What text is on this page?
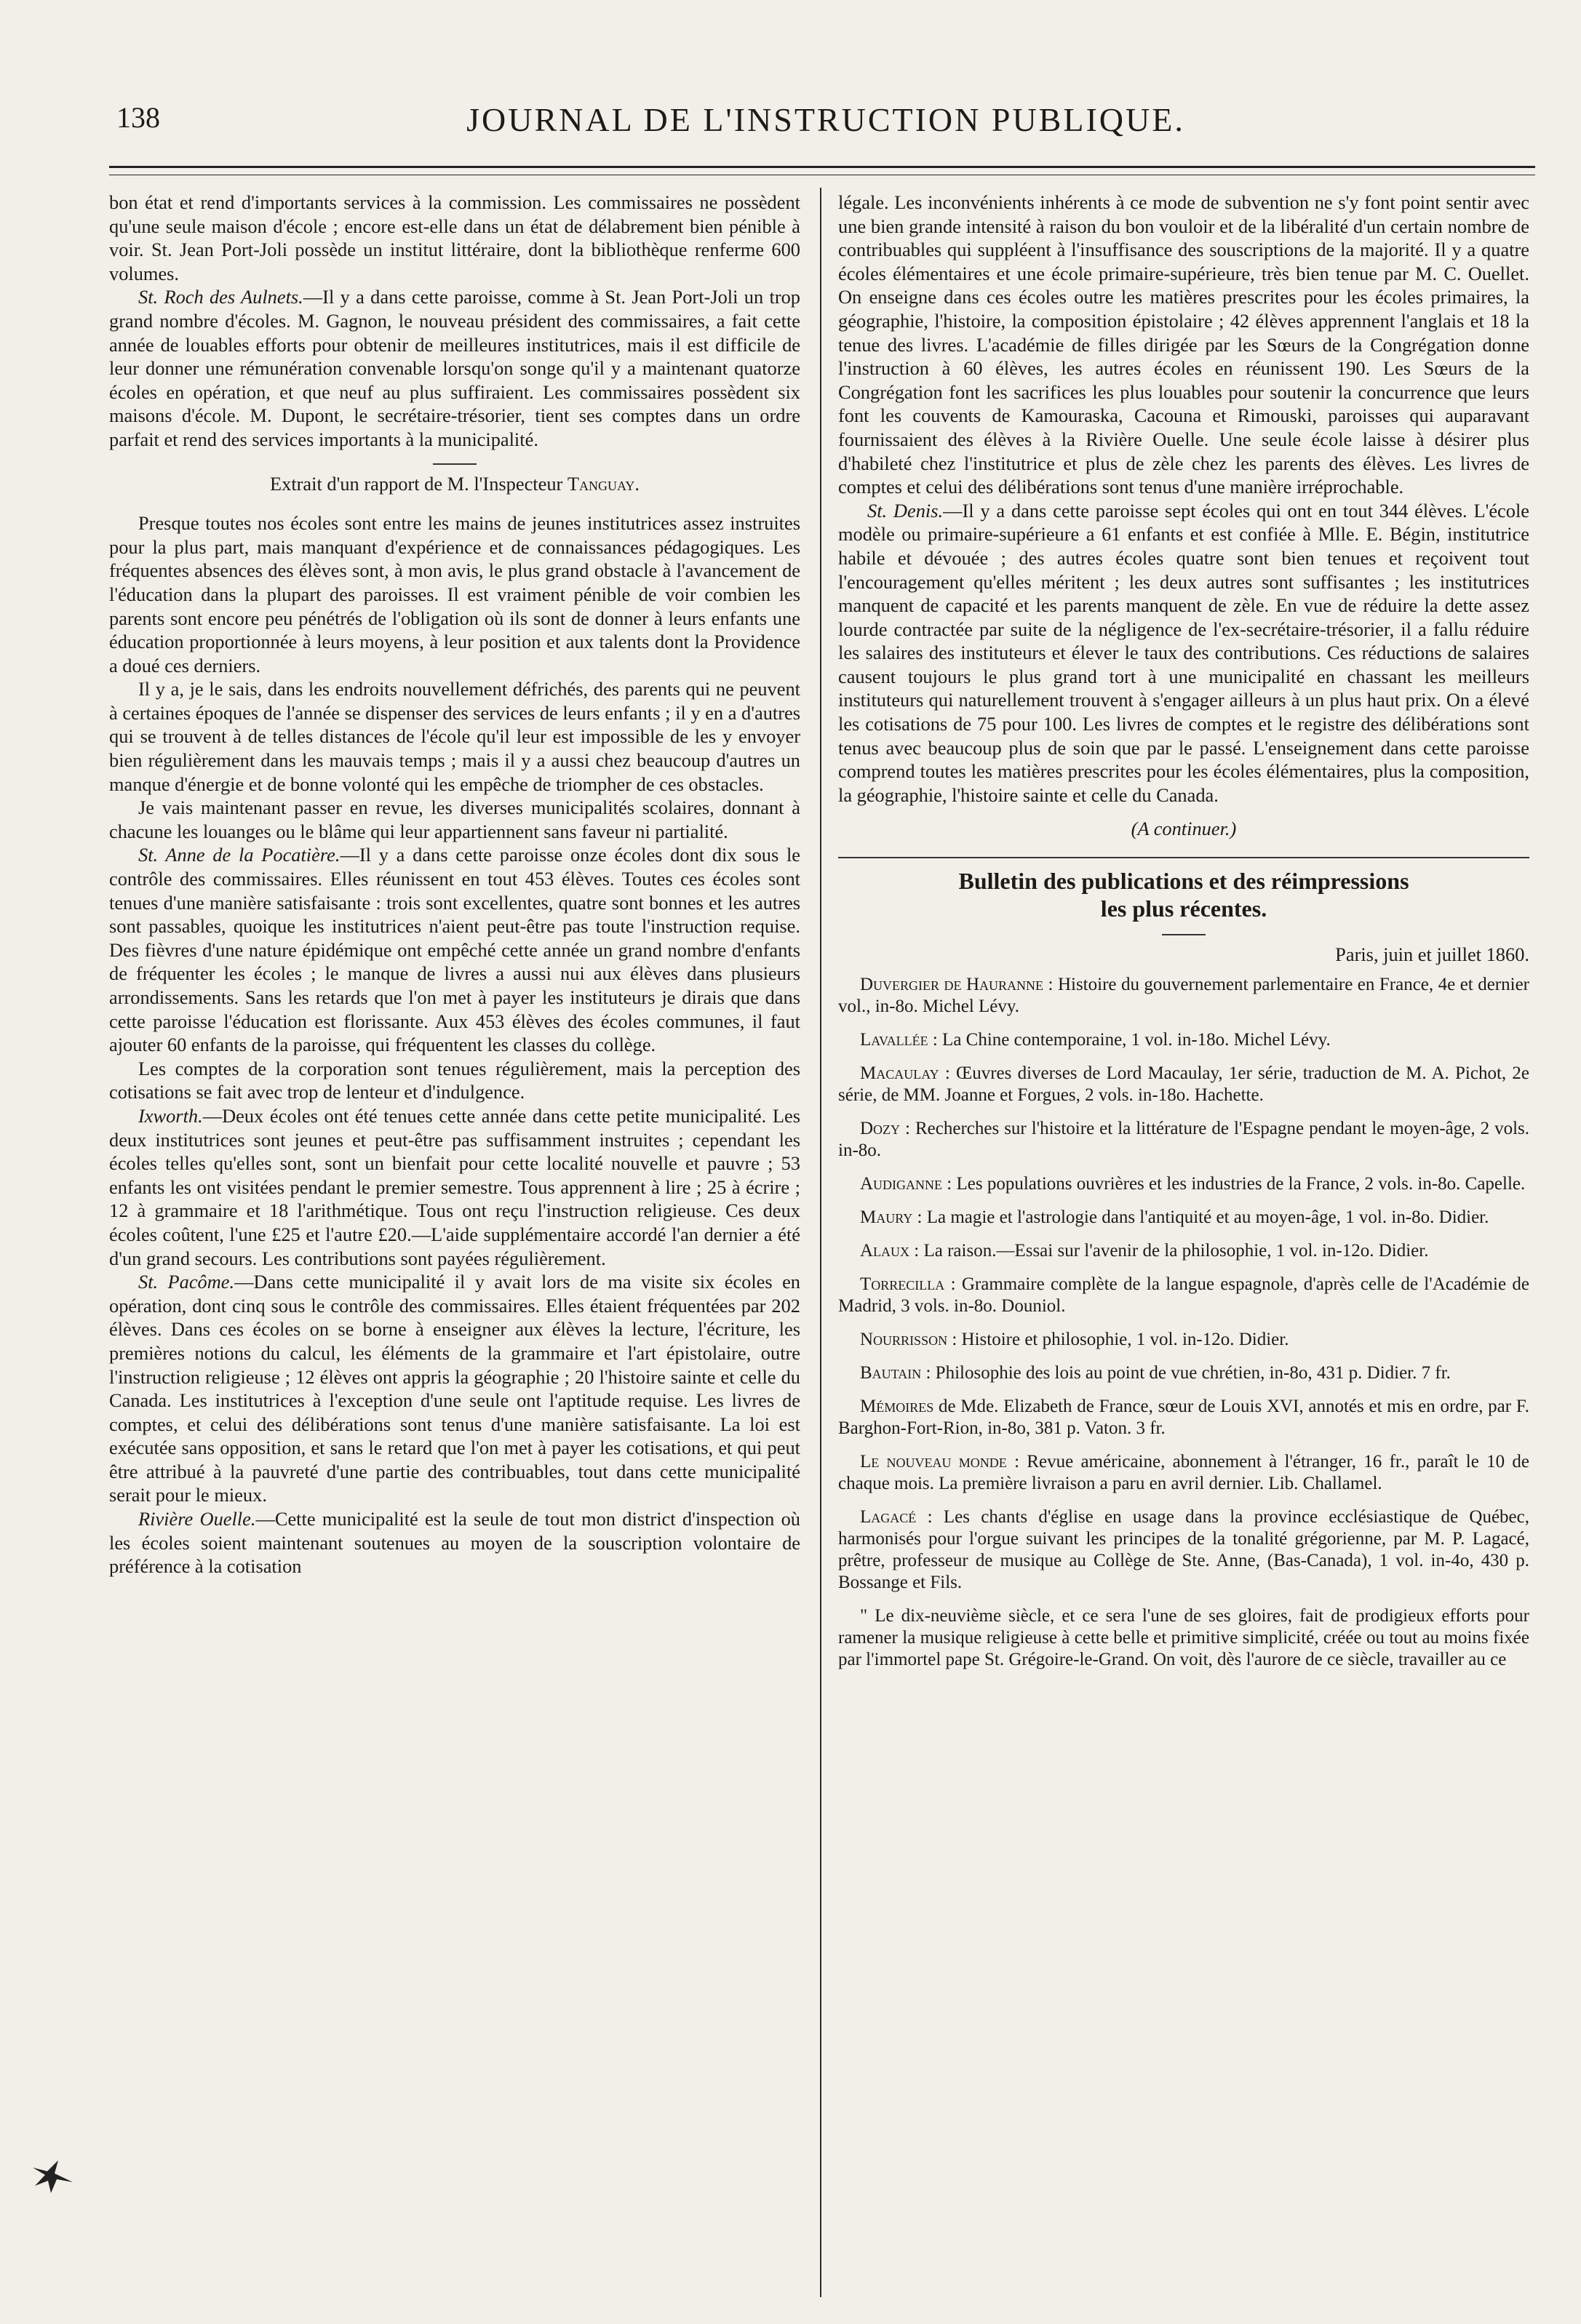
138	JOURNAL DE L'INSTRUCTION PUBLIQUE.

bon état et rend d'importants services à la commission. Les commissaires ne possèdent qu'une seule maison d'école ; encore est-elle dans un état de délabrement bien pénible à voir. St. Jean Port-Joli possède un institut littéraire, dont la bibliothèque renferme 600 volumes.

St. Roch des Aulnets.—Il y a dans cette paroisse, comme à St. Jean Port-Joli un trop grand nombre d'écoles. M. Gagnon, le nouveau président des commissaires, a fait cette année de louables efforts pour obtenir de meilleures institutrices, mais il est difficile de leur donner une rémunération convenable lorsqu'on songe qu'il y a maintenant quatorze écoles en opération, et que neuf au plus suffiraient. Les commissaires possèdent six maisons d'école. M. Dupont, le secrétaire-trésorier, tient ses comptes dans un ordre parfait et rend des services importants à la municipalité.

Extrait d'un rapport de M. l'Inspecteur Tanguay.

Presque toutes nos écoles sont entre les mains de jeunes institutrices assez instruites pour la plus part, mais manquant d'expérience et de connaissances pédagogiques. Les fréquentes absences des élèves sont, à mon avis, le plus grand obstacle à l'avancement de l'éducation dans la plupart des paroisses. Il est vraiment pénible de voir combien les parents sont encore peu pénétrés de l'obligation où ils sont de donner à leurs enfants une éducation proportionnée à leurs moyens, à leur position et aux talents dont la Providence a doué ces derniers.

Il y a, je le sais, dans les endroits nouvellement défrichés, des parents qui ne peuvent à certaines époques de l'année se dispenser des services de leurs enfants ; il y en a d'autres qui se trouvent à de telles distances de l'école qu'il leur est impossible de les y envoyer bien régulièrement dans les mauvais temps ; mais il y a aussi chez beaucoup d'autres un manque d'énergie et de bonne volonté qui les empêche de triompher de ces obstacles.

Je vais maintenant passer en revue, les diverses municipalités scolaires, donnant à chacune les louanges ou le blâme qui leur appartiennent sans faveur ni partialité.

St. Anne de la Pocatière.—Il y a dans cette paroisse onze écoles dont dix sous le contrôle des commissaires. Elles réunissent en tout 453 élèves. Toutes ces écoles sont tenues d'une manière satisfaisante : trois sont excellentes, quatre sont bonnes et les autres sont passables, quoique les institutrices n'aient peut-être pas toute l'instruction requise. Des fièvres d'une nature épidémique ont empêché cette année un grand nombre d'enfants de fréquenter les écoles ; le manque de livres a aussi nui aux élèves dans plusieurs arrondissements. Sans les retards que l'on met à payer les instituteurs je dirais que dans cette paroisse l'éducation est florissante. Aux 453 élèves des écoles communes, il faut ajouter 60 enfants de la paroisse, qui fréquentent les classes du collège.

Les comptes de la corporation sont tenues régulièrement, mais la perception des cotisations se fait avec trop de lenteur et d'indulgence.

Ixworth.—Deux écoles ont été tenues cette année dans cette petite municipalité. Les deux institutrices sont jeunes et peut-être pas suffisamment instruites ; cependant les écoles telles qu'elles sont, sont un bienfait pour cette localité nouvelle et pauvre ; 53 enfants les ont visitées pendant le premier semestre. Tous apprennent à lire ; 25 à écrire ; 12 à grammaire et 18 l'arithmétique. Tous ont reçu l'instruction religieuse. Ces deux écoles coûtent, l'une £25 et l'autre £20.—L'aide supplémentaire accordé l'an dernier a été d'un grand secours. Les contributions sont payées régulièrement.

St. Pacôme.—Dans cette municipalité il y avait lors de ma visite six écoles en opération, dont cinq sous le contrôle des commissaires. Elles étaient fréquentées par 202 élèves. Dans ces écoles on se borne à enseigner aux élèves la lecture, l'écriture, les premières notions du calcul, les éléments de la grammaire et l'art épistolaire, outre l'instruction religieuse ; 12 élèves ont appris la géographie ; 20 l'histoire sainte et celle du Canada. Les institutrices à l'exception d'une seule ont l'aptitude requise. Les livres de comptes, et celui des délibérations sont tenus d'une manière satisfaisante. La loi est exécutée sans opposition, et sans le retard que l'on met à payer les cotisations, et qui peut être attribué à la pauvreté d'une partie des contribuables, tout dans cette municipalité serait pour le mieux.

Rivière Ouelle.—Cette municipalité est la seule de tout mon district d'inspection où les écoles soient maintenant soutenues au moyen de la souscription volontaire de préférence à la cotisation

légale. Les inconvénients inhérents à ce mode de subvention ne s'y font point sentir avec une bien grande intensité à raison du bon vouloir et de la libéralité d'un certain nombre de contribuables qui suppléent à l'insuffisance des souscriptions de la majorité. Il y a quatre écoles élémentaires et une école primaire-supérieure, très bien tenue par M. C. Ouellet. On enseigne dans ces écoles outre les matières prescrites pour les écoles primaires, la géographie, l'histoire, la composition épistolaire ; 42 élèves apprennent l'anglais et 18 la tenue des livres. L'académie de filles dirigée par les Sœurs de la Congrégation donne l'instruction à 60 élèves, les autres écoles en réunissent 190. Les Sœurs de la Congrégation font les sacrifices les plus louables pour soutenir la concurrence que leurs font les couvents de Kamouraska, Cacouna et Rimouski, paroisses qui auparavant fournissaient des élèves à la Rivière Ouelle. Une seule école laisse à désirer plus d'habileté chez l'institutrice et plus de zèle chez les parents des élèves. Les livres de comptes et celui des délibérations sont tenus d'une manière irréprochable.

St. Denis.—Il y a dans cette paroisse sept écoles qui ont en tout 344 élèves. L'école modèle ou primaire-supérieure a 61 enfants et est confiée à Mlle. E. Bégin, institutrice habile et dévouée ; des autres écoles quatre sont bien tenues et reçoivent tout l'encouragement qu'elles méritent ; les deux autres sont suffisantes ; les institutrices manquent de capacité et les parents manquent de zèle. En vue de réduire la dette assez lourde contractée par suite de la négligence de l'ex-secrétaire-trésorier, il a fallu réduire les salaires des instituteurs et élever le taux des contributions. Ces réductions de salaires causent toujours le plus grand tort à une municipalité en chassant les meilleurs instituteurs qui naturellement trouvent à s'engager ailleurs à un plus haut prix. On a élevé les cotisations de 75 pour 100. Les livres de comptes et le registre des délibérations sont tenus avec beaucoup plus de soin que par le passé. L'enseignement dans cette paroisse comprend toutes les matières prescrites pour les écoles élémentaires, plus la composition, la géographie, l'histoire sainte et celle du Canada.

(A continuer.)

Bulletin des publications et des réimpressions
les plus récentes.

Paris, juin et juillet 1860.

Duvergier de Hauranne : Histoire du gouvernement parlementaire en France, 4e et dernier vol., in-8o. Michel Lévy.

Lavallée : La Chine contemporaine, 1 vol. in-18o. Michel Lévy.

Macaulay : Œuvres diverses de Lord Macaulay, 1er série, traduction de M. A. Pichot, 2e série, de MM. Joanne et Forgues, 2 vols. in-18o. Hachette.

Dozy : Recherches sur l'histoire et la littérature de l'Espagne pendant le moyen-âge, 2 vols. in-8o.

Audiganne : Les populations ouvrières et les industries de la France, 2 vols. in-8o. Capelle.

Maury : La magie et l'astrologie dans l'antiquité et au moyen-âge, 1 vol. in-8o. Didier.

Alaux : La raison.—Essai sur l'avenir de la philosophie, 1 vol. in-12o. Didier.

Torrecilla : Grammaire complète de la langue espagnole, d'après celle de l'Académie de Madrid, 3 vols. in-8o. Dounіol.

Nourrisson : Histoire et philosophie, 1 vol. in-12o. Didier.

Bautain : Philosophie des lois au point de vue chrétien, in-8o, 431 p. Didier. 7 fr.

Mémoires de Mde. Elizabeth de France, sœur de Louis XVI, annotés et mis en ordre, par F. Barghon-Fort-Rion, in-8o, 381 p. Vaton. 3 fr.

Le nouveau monde : Revue américaine, abonnement à l'étranger, 16 fr., paraît le 10 de chaque mois. La première livraison a paru en avril dernier. Lib. Challamel.

Lagacé : Les chants d'église en usage dans la province ecclésiastique de Québec, harmonisés pour l'orgue suivant les principes de la tonalité grégorienne, par M. P. Lagacé, prêtre, professeur de musique au Collège de Ste. Anne, (Bas-Canada), 1 vol. in-4o, 430 p. Bossange et Fils.

" Le dix-neuvième siècle, et ce sera l'une de ses gloires, fait de prodigieux efforts pour ramener la musique religieuse à cette belle et primitive simplicité, créée ou tout au moins fixée par l'immortel pape St. Grégoire-le-Grand. On voit, dès l'aurore de ce siècle, travailler au ce
